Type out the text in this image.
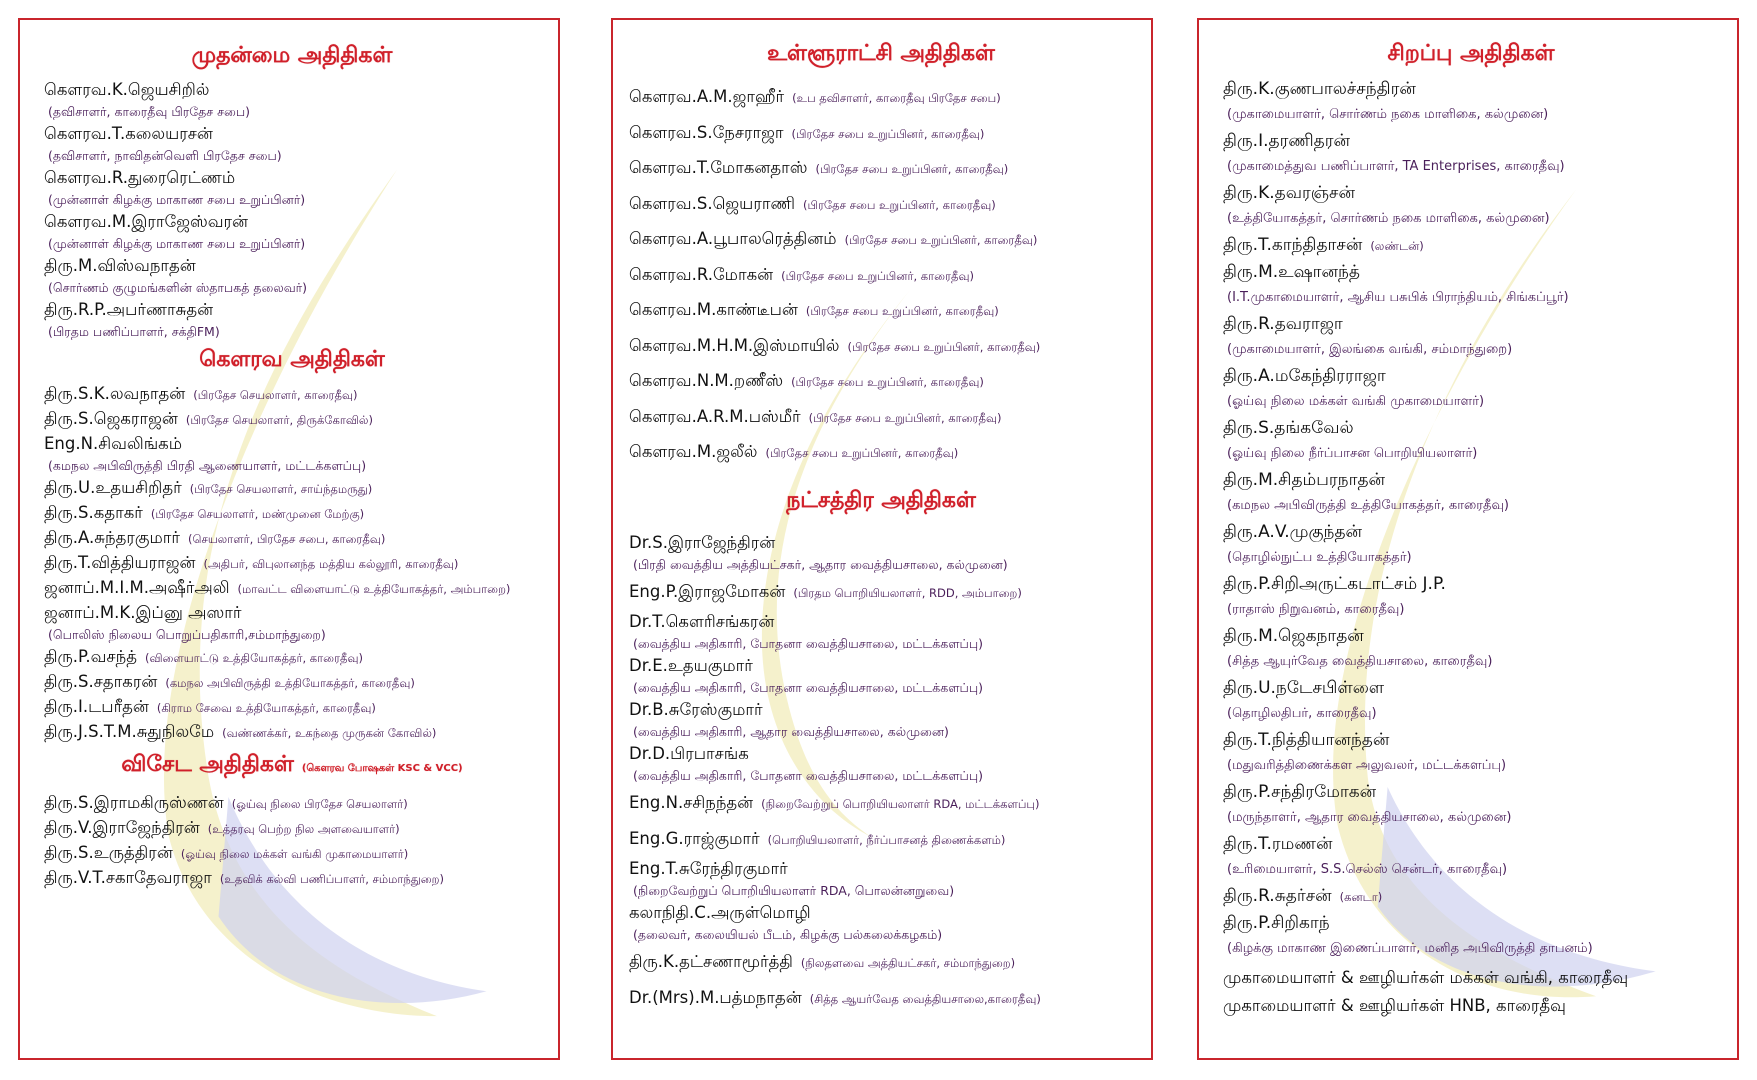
முதன்மை அதிதிகள்
கௌரவ.K.ஜெயசிறில்
(தவிசாளர், காரைதீவு பிரதேச சபை)
கௌரவ.T.கலையரசன்
(தவிசாளர், நாவிதன்வெளி பிரதேச சபை)
கௌரவ.R.துரைரெட்ணம்
(முன்னாள் கிழக்கு மாகாண சபை உறுப்பினர்)
கௌரவ.M.இராஜேஸ்வரன்
(முன்னாள் கிழக்கு மாகாண சபை உறுப்பினர்)
திரு.M.விஸ்வநாதன்
(சொர்ணம் குழுமங்களின் ஸ்தாபகத் தலைவர்)
திரு.R.P.அபர்ணாசுதன்
(பிரதம பணிப்பாளர், சக்திFM)
கௌரவ அதிதிகள்
திரு.S.K.லவநாதன் (பிரதேச செயலாளர், காரைதீவு)
திரு.S.ஜெகராஜன் (பிரதேச செயலாளர், திருக்கோவில்)
Eng.N.சிவலிங்கம்
(கமநல அபிவிருத்தி பிரதி ஆணையாளர், மட்டக்களப்பு)
திரு.U.உதயசிறிதர் (பிரதேச செயலாளர், சாய்ந்தமருது)
திரு.S.கதாகர் (பிரதேச செயலாளர், மண்முனை மேற்கு)
திரு.A.சுந்தரகுமார் (செயலாளர், பிரதேச சபை, காரைதீவு)
திரு.T.வித்தியராஜன் (அதிபர், விபுலானந்த மத்திய கல்லூரி, காரைதீவு)
ஜனாப்.M.I.M.அஷீர்அலி (மாவட்ட விளையாட்டு உத்தியோகத்தர், அம்பாறை)
ஜனாப்.M.K.இப்னு அஸார்
(பொலிஸ் நிலைய பொறுப்பதிகாரி,சம்மாந்துறை)
திரு.P.வசந்த் (விளையாட்டு உத்தியோகத்தர், காரைதீவு)
திரு.S.சதாகரன் (கமநல அபிவிருத்தி உத்தியோகத்தர், காரைதீவு)
திரு.I.டபரீதன் (கிராம சேவை உத்தியோகத்தர், காரைதீவு)
திரு.J.S.T.M.சுதுநிலமே (வண்ணக்கர், உகந்தை முருகன் கோவில்)
விசேட அதிதிகள் (கௌரவ போஷகள் KSC & VCC)
திரு.S.இராமகிருஸ்ணன் (ஓய்வு நிலை பிரதேச செயலாளர்)
திரு.V.இராஜேந்திரன் (உத்தரவு பெற்ற நில அளவையாளர்)
திரு.S.உருத்திரன் (ஓய்வு நிலை மக்கள் வங்கி முகாமையாளர்)
திரு.V.T.சகாதேவராஜா (உதவிக் கல்வி பணிப்பாளர், சம்மாந்துறை)
உள்ளூராட்சி அதிதிகள்
கௌரவ.A.M.ஜாஹீர் (உப தவிசாளர், காரைதீவு பிரதேச சபை)
கௌரவ.S.நேசராஜா (பிரதேச சபை உறுப்பினர், காரைதீவு)
கௌரவ.T.மோகனதாஸ் (பிரதேச சபை உறுப்பினர், காரைதீவு)
கௌரவ.S.ஜெயராணி (பிரதேச சபை உறுப்பினர், காரைதீவு)
கௌரவ.A.பூபாலரெத்தினம் (பிரதேச சபை உறுப்பினர், காரைதீவு)
கௌரவ.R.மோகன் (பிரதேச சபை உறுப்பினர், காரைதீவு)
கௌரவ.M.காண்டீபன் (பிரதேச சபை உறுப்பினர், காரைதீவு)
கௌரவ.M.H.M.இஸ்மாயில் (பிரதேச சபை உறுப்பினர், காரைதீவு)
கௌரவ.N.M.றணீஸ் (பிரதேச சபை உறுப்பினர், காரைதீவு)
கௌரவ.A.R.M.பஸ்மீர் (பிரதேச சபை உறுப்பினர், காரைதீவு)
கௌரவ.M.ஜலீல் (பிரதேச சபை உறுப்பினர், காரைதீவு)
நட்சத்திர அதிதிகள்
Dr.S.இராஜேந்திரன்
(பிரதி வைத்திய அத்தியட்சகர், ஆதார வைத்தியசாலை, கல்முனை)
Eng.P.இராஜமோகன் (பிரதம பொறியியலாளர், RDD, அம்பாறை)
Dr.T.கௌரிசங்கரன்
(வைத்திய அதிகாரி, போதனா வைத்தியசாலை, மட்டக்களப்பு)
Dr.E.உதயகுமார்
(வைத்திய அதிகாரி, போதனா வைத்தியசாலை, மட்டக்களப்பு)
Dr.B.சுரேஸ்குமார்
(வைத்திய அதிகாரி, ஆதார வைத்தியசாலை, கல்முனை)
Dr.D.பிரபாசங்க
(வைத்திய அதிகாரி, போதனா வைத்தியசாலை, மட்டக்களப்பு)
Eng.N.சசிநந்தன் (நிறைவேற்றுப் பொறியியலாளர் RDA, மட்டக்களப்பு)
Eng.G.ராஜ்குமார் (பொறியியலாளர், நீர்ப்பாசனத் திணைக்களம்)
Eng.T.சுரேந்திரகுமார்
(நிறைவேற்றுப் பொறியியலாளர் RDA, பொலன்னறுவை)
கலாநிதி.C.அருள்மொழி
(தலைவர், கலையியல் பீடம், கிழக்கு பல்கலைக்கழகம்)
திரு.K.தட்சணாமூர்த்தி (நிலதளவை அத்தியட்சகர், சம்மாந்துறை)
Dr.(Mrs).M.பத்மநாதன் (சித்த ஆயர்வேத வைத்தியசாலை,காரைதீவு)
சிறப்பு அதிதிகள்
திரு.K.குணபாலச்சந்திரன்
(முகாமையாளர், சொர்ணம் நகை மாளிகை, கல்முனை)
திரு.I.தரணிதரன்
(முகாமைத்துவ பணிப்பாளர், TA Enterprises, காரைதீவு)
திரு.K.தவரஞ்சன்
(உத்தியோகத்தர், சொர்ணம் நகை மாளிகை, கல்முனை)
திரு.T.காந்திதாசன் (லண்டன்)
திரு.M.உஷானந்த்
(I.T.முகாமையாளர், ஆசிய பசுபிக் பிராந்தியம், சிங்கப்பூர்)
திரு.R.தவராஜா
(முகாமையாளர், இலங்கை வங்கி, சம்மாந்துறை)
திரு.A.மகேந்திரராஜா
(ஓய்வு நிலை மக்கள் வங்கி முகாமையாளர்)
திரு.S.தங்கவேல்
(ஓய்வு நிலை நீர்ப்பாசன பொறியியலாளர்)
திரு.M.சிதம்பரநாதன்
(கமநல அபிவிருத்தி உத்தியோகத்தர், காரைதீவு)
திரு.A.V.முகுந்தன்
(தொழில்நுட்ப உத்தியோகத்தர்)
திரு.P.சிறிஅருட்கடாட்சம் J.P.
(ராதாஸ் நிறுவனம், காரைதீவு)
திரு.M.ஜெகநாதன்
(சித்த ஆயுர்வேத வைத்தியசாலை, காரைதீவு)
திரு.U.நடேசபிள்ளை
(தொழிலதிபர், காரைதீவு)
திரு.T.நித்தியானந்தன்
(மதுவரித்திணைக்கள அலுவலர், மட்டக்களப்பு)
திரு.P.சந்திரமோகன்
(மருந்தாளர், ஆதார வைத்தியசாலை, கல்முனை)
திரு.T.ரமணன்
(உரிமையாளர், S.S.செல்ஸ் சென்டர், காரைதீவு)
திரு.R.சுதர்சன் (கனடா)
திரு.P.சிறிகாந்
(கிழக்கு மாகாண இணைப்பாளர், மனித அபிவிருத்தி தாபனம்)
முகாமையாளர் & ஊழியர்கள் மக்கள் வங்கி, காரைதீவு
முகாமையாளர் & ஊழியர்கள் HNB, காரைதீவு
